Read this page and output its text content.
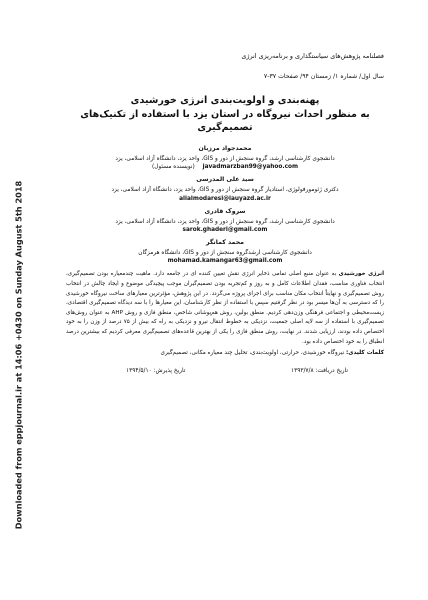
Downloaded from eppjournal.ir at 14:06 +0430 on Sunday August 5th 2018
فصلنامه پژوهش‌های سیاستگذاری و برنامه‌ریزی انرژی
سال اول/ شماره ۱/ زمستان ۹۴/ صفحات ۳۷-۷
پهنه‌بندی و اولویت‌بندی انرژی خورشیدی
به منظور احداث نیروگاه در استان یزد با استفاده از تکنیک‌های تصمیم‌گیری
محمدجواد مرزبان
دانشجوی کارشناسی ارشد، گروه سنجش از دور و GIS، واحد یزد، دانشگاه آزاد اسلامی، یزد
javadmarzban99@yahoo.com (نویسنده مسئول)
سید علی المدرسی
دکتری ژئومورفولوژی، استادیار گروه سنجش از دور و GIS، واحد یزد، دانشگاه آزاد اسلامی، یزد
alialmodaresi@iauyazd.ac.ir
سروک قادری
دانشجوی کارشناسی ارشد، گروه سنجش از دور و GIS، واحد یزد، دانشگاه آزاد اسلامی، یزد
sarok.ghaderi@gmail.com
محمد کمانگر
دانشجوی کارشناسی ارشدگروه سنجش از دور و GIS، دانشگاه هرمزگان
mohamad.kamangar63@gmail.com
انرژی خورشیدی به عنوان منبع اصلی تمامی ذخایر انرژی نقش تعیین کننده ای در جامعه دارد. ماهیت چندمعیاره بودن تصمیم‌گیری، انتخاب فناوری مناسب، فقدان اطلاعات کامل و به روز و کم‌تجربه بودن تصمیم‌گیران موجب پیچیدگی موضوع و ایجاد چالش در انتخاب روش تصمیم‌گیری و نهایتاً انتخاب مکان مناسب برای اجرای پروژه می‌گردد. در این پژوهش، مؤثرترین معیارهای ساخت نیروگاه خورشیدی را که دسترسی به آن‌ها میسر بود در نظر گرفتیم سپس با استفاده از نظر کارشناسان، این معیارها را با سه دیدگاه تصمیم‌گیری اقتصادی، زیست‌محیطی و اجتماعی فرهنگی وزن‌دهی کردیم. منطق بولین، روش هم‌پوشانی شاخص، منطق فازی و روش AHP به عنوان روش‌های تصمیم‌گیری با استفاده از سه لایه اصلی جمعیت، نزدیکی به خطوط انتقال نیرو و نزدیکی به راه که بیش از ۷۵ درصد از وزن را به خود اختصاص داده بودند، ارزیابی شدند. در نهایت، روش منطق فازی را یکی از بهترین قاعده‌های تصمیم‌گیری معرفی کردیم که بیشترین درصد انطباق را به خود اختصاص داده بود.
کلمات کلیدی: نیروگاه خورشیدی، حرارتی، اولویت‌بندی، تحلیل چند معیاره مکانی، تصمیم‌گیری
تاریخ دریافت: ۱۳۹۳/۷/۸
تاریخ پذیرش: ۱۳۹۴/۵/۱۰
